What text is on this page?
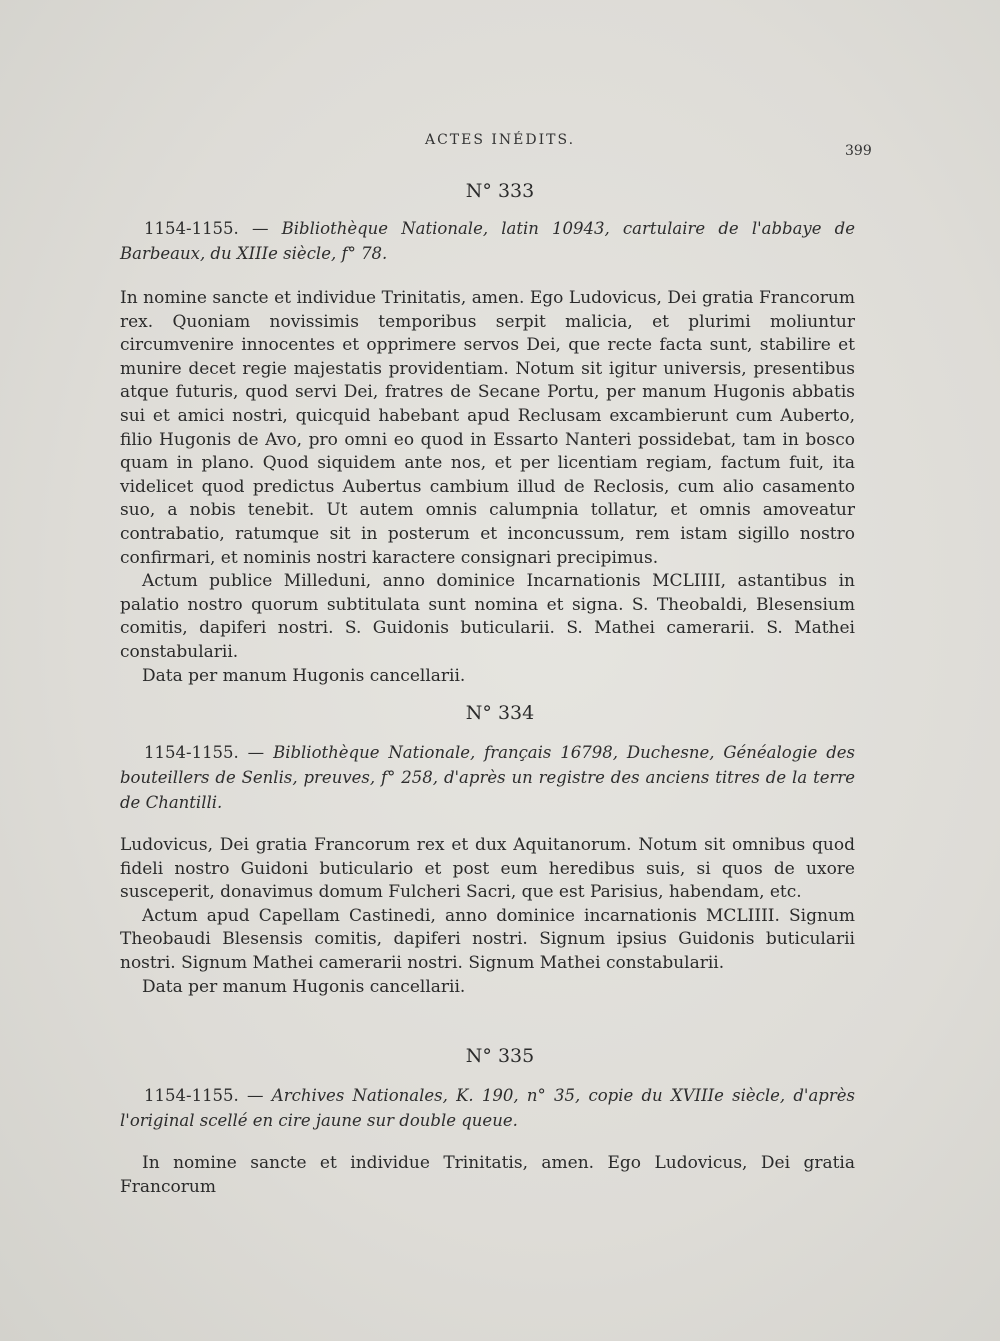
ACTES INÉDITS.
399
N° 333
1154-1155. — Bibliothèque Nationale, latin 10943, cartulaire de l'abbaye de Barbeaux, du XIIIe siècle, f° 78.

In nomine sancte et individue Trinitatis, amen. Ego Ludovicus, Dei gratia Francorum rex. Quoniam novissimis temporibus serpit malicia, et plurimi moliuntur circumvenire innocentes et opprimere servos Dei, que recte facta sunt, stabilire et munire decet regie majestatis providentiam. Notum sit igitur universis, presentibus atque futuris, quod servi Dei, fratres de Secane Portu, per manum Hugonis abbatis sui et amici nostri, quicquid habebant apud Reclusam excambierunt cum Auberto, filio Hugonis de Avo, pro omni eo quod in Essarto Nanteri possidebat, tam in bosco quam in plano. Quod siquidem ante nos, et per licentiam regiam, factum fuit, ita videlicet quod predictus Aubertus cambium illud de Reclosis, cum alio casamento suo, a nobis tenebit. Ut autem omnis calumpnia tollatur, et omnis amoveatur contrabatio, ratumque sit in posterum et inconcussum, rem istam sigillo nostro confirmari, et nominis nostri karactere consignari precipimus.

Actum publice Milleduni, anno dominice Incarnationis MCLIIII, astantibus in palatio nostro quorum subtitulata sunt nomina et signa. S. Theobaldi, Blesensium comitis, dapiferi nostri. S. Guidonis buticularii. S. Mathei camerarii. S. Mathei constabularii.

Data per manum Hugonis cancellarii.

N° 334
1154-1155. — Bibliothèque Nationale, français 16798, Duchesne, Généalogie des bouteillers de Senlis, preuves, f° 258, d'après un registre des anciens titres de la terre de Chantilli.

Ludovicus, Dei gratia Francorum rex et dux Aquitanorum. Notum sit omnibus quod fideli nostro Guidoni buticulario et post eum heredibus suis, si quos de uxore susceperit, donavimus domum Fulcheri Sacri, que est Parisius, habendam, etc.

Actum apud Capellam Castinedi, anno dominice incarnationis MCLIIII. Signum Theobaudi Blesensis comitis, dapiferi nostri. Signum ipsius Guidonis buticularii nostri. Signum Mathei camerarii nostri. Signum Mathei constabularii.

Data per manum Hugonis cancellarii.

N° 335
1154-1155. — Archives Nationales, K. 190, n° 35, copie du XVIIIe siècle, d'après l'original scellé en cire jaune sur double queue.

In nomine sancte et individue Trinitatis, amen. Ego Ludovicus, Dei gratia Francorum
